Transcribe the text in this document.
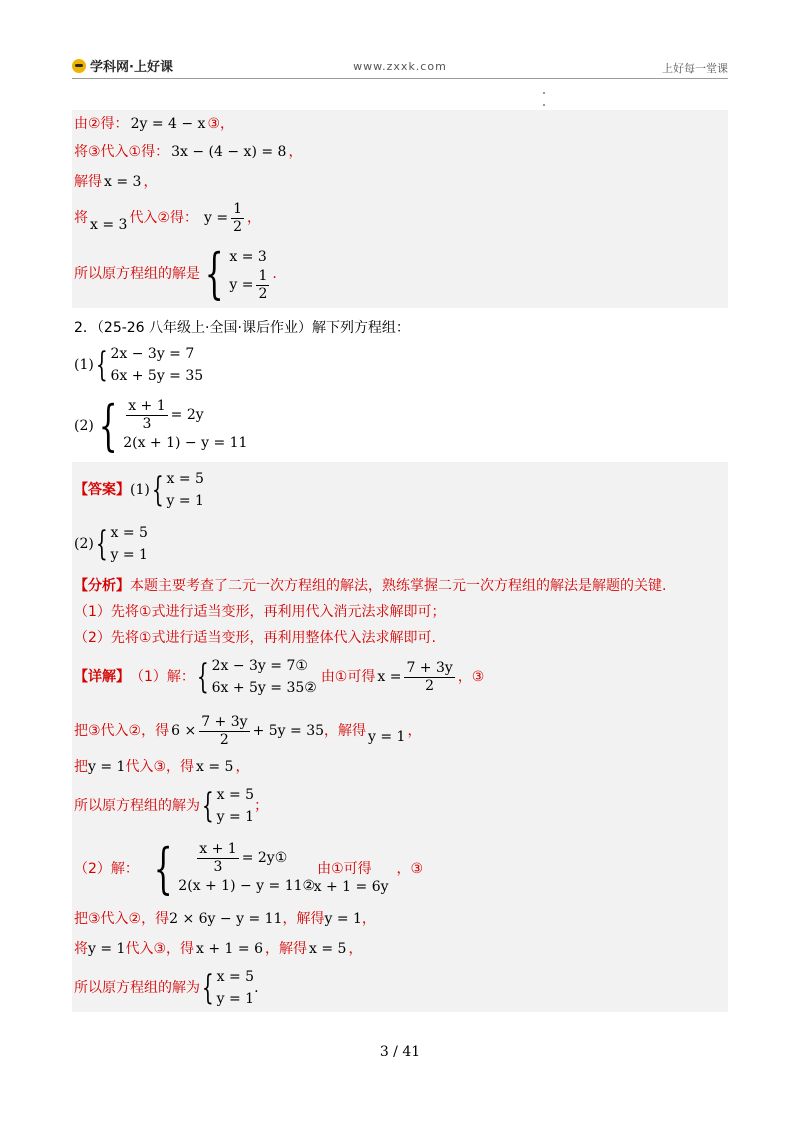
学科网·上好课	www.zxxk.com	上好每一堂课
由②得： 2y = 4 − x ③，
将③代入①得： 3x − (4 − x) = 8 ，
解得 x = 3 ，
将 x = 3 代入②得： $y = \frac{1}{2}$ ，
所以原方程组的解是 { x = 3
$y = \frac{1}{2}$ .
2．（25-26 八年级上·全国·课后作业）解下列方程组：
(1) { 2x − 3y = 7
6x + 5y = 35
(2) { $\frac{x + 1}{3} = 2y$
2(x + 1) − y = 11
【答案】 (1) { x = 5
y = 1
(2) { x = 5
y = 1
【分析】 本题主要考查了二元一次方程组的解法，熟练掌握二元一次方程组的解法是解题的关键.
（1）先将①式进行适当变形，再利用代入消元法求解即可；
（2）先将①式进行适当变形，再利用整体代入法求解即可.
【详解】 （1）解： { 2x − 3y = 7①
6x + 5y = 35②
由①可得 $x = \frac{7 + 3y}{2}$ ，③
把③代入②，得 $6 \times \frac{7 + 3y}{2} + 5y = 35$ ，解得 y = 1 ，
把 y = 1 代入③，得 x = 5 ，
所以原方程组的解为 { x = 5
y = 1
；
（2）解： { $\frac{x + 1}{3}$ = 2y①
2(x + 1) − y = 11②
由①可得
x + 1 = 6y
，③
把③代入②，得 2 × 6y − y = 11 ，解得 y = 1 ，
将 y = 1 代入③，得 x + 1 = 6 ，解得 x = 5 ，
所以原方程组的解为 { x = 5
y = 1
.
3 / 41
